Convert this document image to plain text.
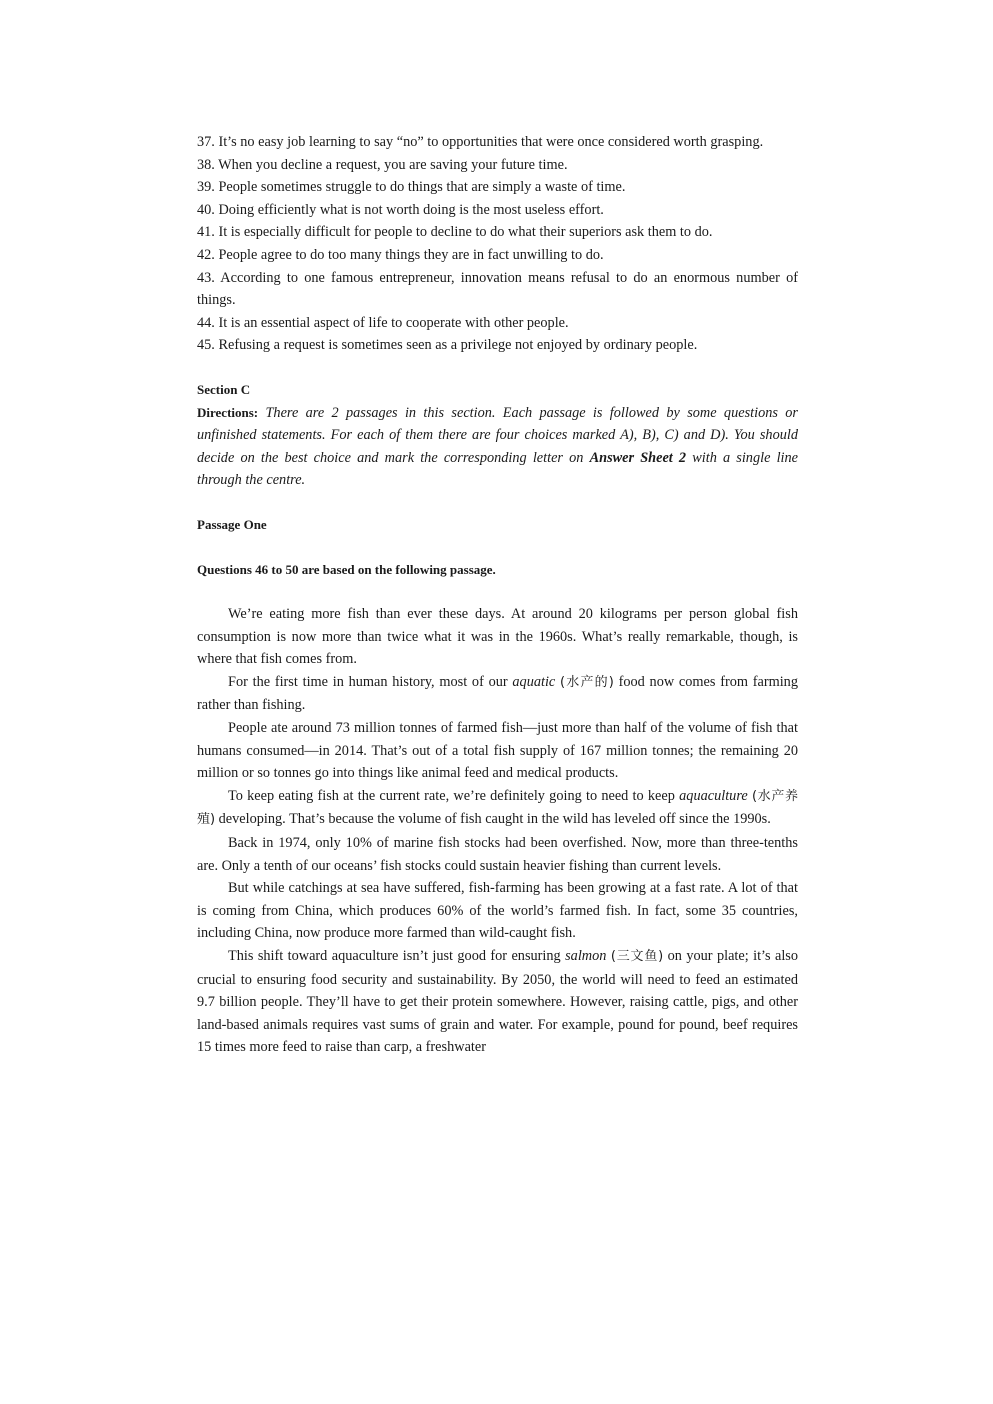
37. It’s no easy job learning to say “no” to opportunities that were once considered worth grasping.

38. When you decline a request, you are saving your future time.

39. People sometimes struggle to do things that are simply a waste of time.

40. Doing efficiently what is not worth doing is the most useless effort.

41. It is especially difficult for people to decline to do what their superiors ask them to do.

42. People agree to do too many things they are in fact unwilling to do.

43. According to one famous entrepreneur, innovation means refusal to do an enormous number of things.

44. It is an essential aspect of life to cooperate with other people.

45. Refusing a request is sometimes seen as a privilege not enjoyed by ordinary people.

Section C

Directions: There are 2 passages in this section. Each passage is followed by some questions or unfinished statements. For each of them there are four choices marked A), B), C) and D). You should decide on the best choice and mark the corresponding letter on Answer Sheet 2 with a single line through the centre.

Passage One

Questions 46 to 50 are based on the following passage.

We’re eating more fish than ever these days. At around 20 kilograms per person global fish consumption is now more than twice what it was in the 1960s. What’s really remarkable, though, is where that fish comes from.

For the first time in human history, most of our aquatic (水产的) food now comes from farming rather than fishing.

People ate around 73 million tonnes of farmed fish—just more than half of the volume of fish that humans consumed—in 2014. That’s out of a total fish supply of 167 million tonnes; the remaining 20 million or so tonnes go into things like animal feed and medical products.

To keep eating fish at the current rate, we’re definitely going to need to keep aquaculture (水产养殖) developing. That’s because the volume of fish caught in the wild has leveled off since the 1990s.

Back in 1974, only 10% of marine fish stocks had been overfished. Now, more than three-tenths are. Only a tenth of our oceans’ fish stocks could sustain heavier fishing than current levels.

But while catchings at sea have suffered, fish-farming has been growing at a fast rate. A lot of that is coming from China, which produces 60% of the world’s farmed fish. In fact, some 35 countries, including China, now produce more farmed than wild-caught fish.

This shift toward aquaculture isn’t just good for ensuring salmon (三文鱼) on your plate; it’s also crucial to ensuring food security and sustainability. By 2050, the world will need to feed an estimated 9.7 billion people. They’ll have to get their protein somewhere. However, raising cattle, pigs, and other land-based animals requires vast sums of grain and water. For example, pound for pound, beef requires 15 times more feed to raise than carp, a freshwater
